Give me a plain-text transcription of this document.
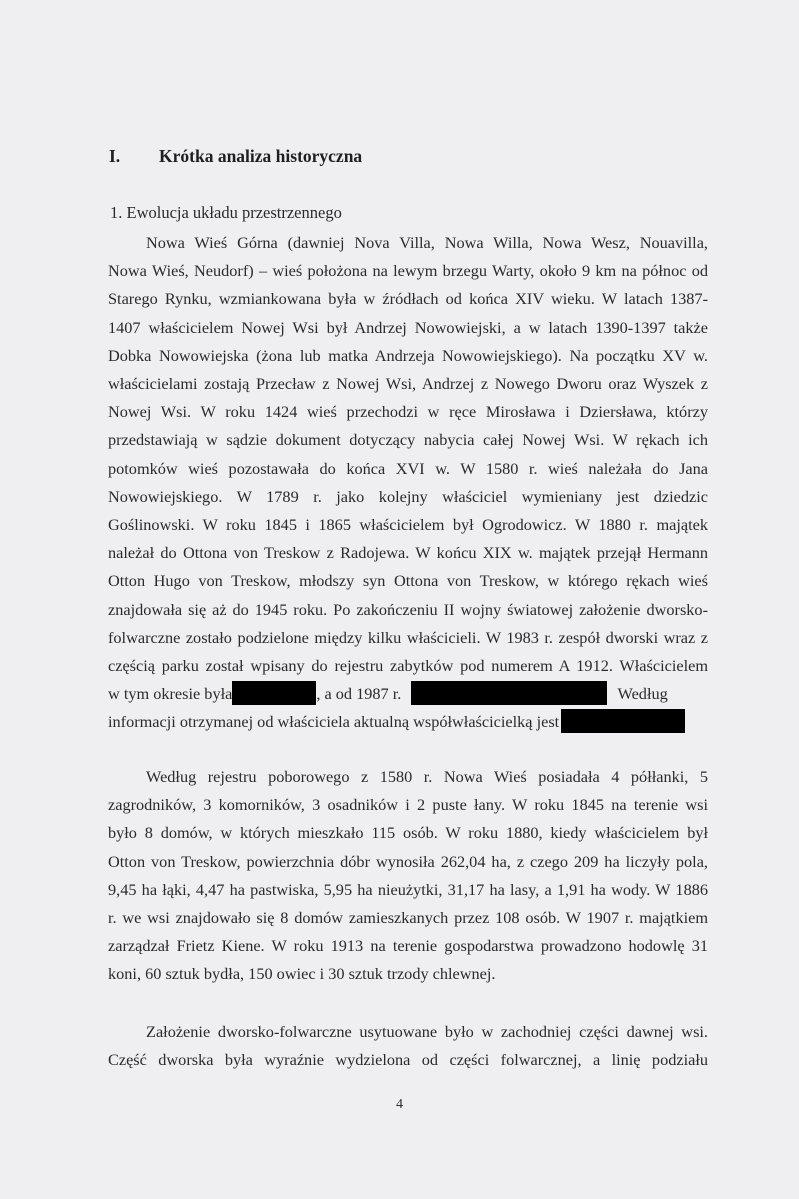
I. Krótka analiza historyczna
1. Ewolucja układu przestrzennego
Nowa Wieś Górna (dawniej Nova Villa, Nowa Willa, Nowa Wesz, Nouavilla,
Nowa Wieś, Neudorf) – wieś położona na lewym brzegu Warty, około 9 km na północ od
Starego Rynku, wzmiankowana była w źródłach od końca XIV wieku. W latach 1387-
1407 właścicielem Nowej Wsi był Andrzej Nowowiejski, a w latach 1390-1397 także
Dobka Nowowiejska (żona lub matka Andrzeja Nowowiejskiego). Na początku XV w.
właścicielami zostają Przecław z Nowej Wsi, Andrzej z Nowego Dworu oraz Wyszek z
Nowej Wsi. W roku 1424 wieś przechodzi w ręce Mirosława i Dziersława, którzy
przedstawiają w sądzie dokument dotyczący nabycia całej Nowej Wsi. W rękach ich
potomków wieś pozostawała do końca XVI w. W 1580 r. wieś należała do Jana
Nowowiejskiego. W 1789 r. jako kolejny właściciel wymieniany jest dziedzic
Goślinowski. W roku 1845 i 1865 właścicielem był Ogrodowicz. W 1880 r. majątek
należał do Ottona von Treskow z Radojewa. W końcu XIX w. majątek przejął Hermann
Otton Hugo von Treskow, młodszy syn Ottona von Treskow, w którego rękach wieś
znajdowała się aż do 1945 roku. Po zakończeniu II wojny światowej założenie dworsko-
folwarczne zostało podzielone między kilku właścicieli. W 1983 r. zespół dworski wraz z
częścią parku został wpisany do rejestru zabytków pod numerem A 1912. Właścicielem
w tym okresie była	, a od 1987 r.	Według
informacji otrzymanej od właściciela aktualną współwłaścicielką jest
Według rejestru poborowego z 1580 r. Nowa Wieś posiadała 4 półłanki, 5
zagrodników, 3 komorników, 3 osadników i 2 puste łany. W roku 1845 na terenie wsi
było 8 domów, w których mieszkało 115 osób. W roku 1880, kiedy właścicielem był
Otton von Treskow, powierzchnia dóbr wynosiła 262,04 ha, z czego 209 ha liczyły pola,
9,45 ha łąki, 4,47 ha pastwiska, 5,95 ha nieużytki, 31,17 ha lasy, a 1,91 ha wody. W 1886
r. we wsi znajdowało się 8 domów zamieszkanych przez 108 osób. W 1907 r. majątkiem
zarządzał Frietz Kiene. W roku 1913 na terenie gospodarstwa prowadzono hodowlę 31
koni, 60 sztuk bydła, 150 owiec i 30 sztuk trzody chlewnej.
Założenie dworsko-folwarczne usytuowane było w zachodniej części dawnej wsi.
Część dworska była wyraźnie wydzielona od części folwarcznej, a linię podziału
4
